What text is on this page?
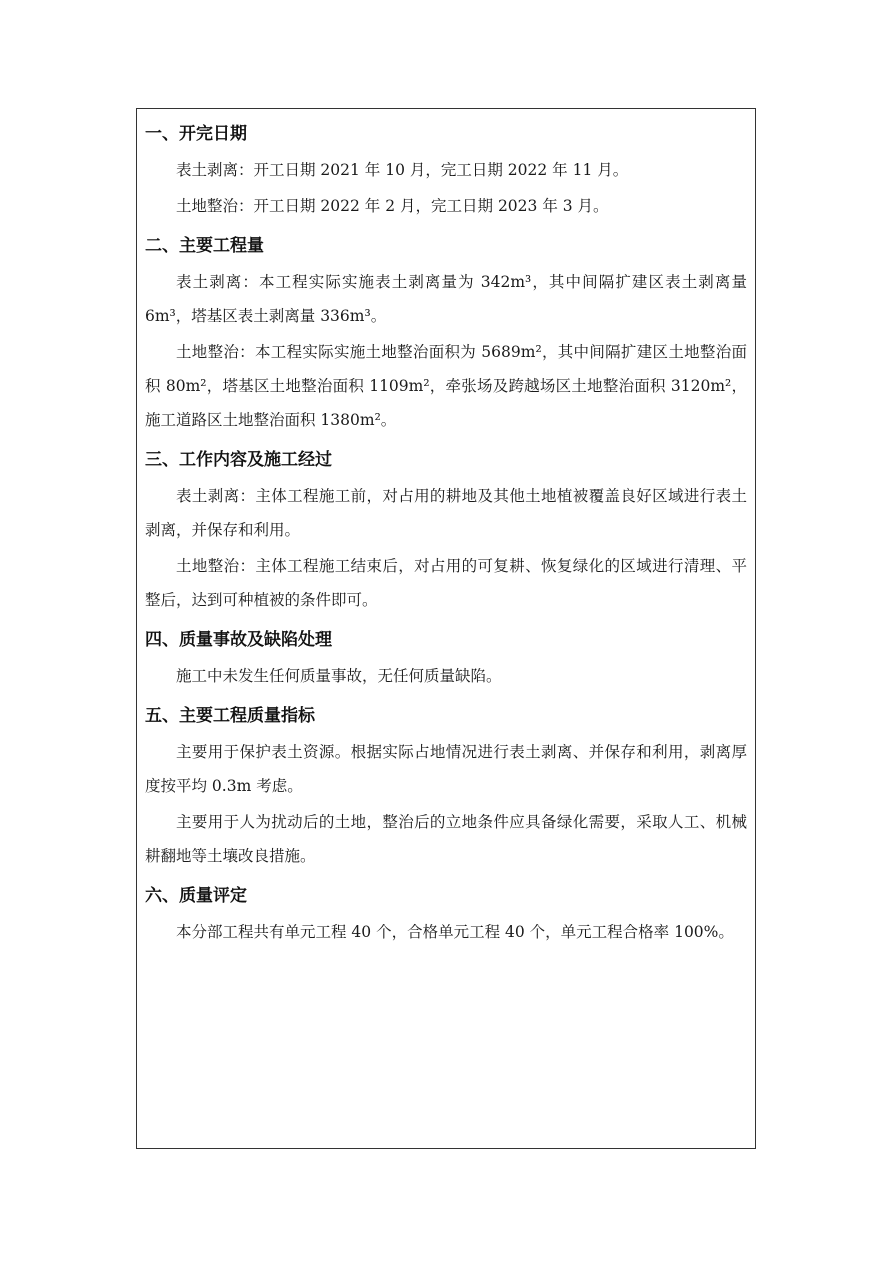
一、开完日期

表土剥离：开工日期 2021 年 10 月，完工日期 2022 年 11 月。

土地整治：开工日期 2022 年 2 月，完工日期 2023 年 3 月。

二、主要工程量

表土剥离：本工程实际实施表土剥离量为 342m³，其中间隔扩建区表土剥离量 6m³，塔基区表土剥离量 336m³。

土地整治：本工程实际实施土地整治面积为 5689m²，其中间隔扩建区土地整治面积 80m²，塔基区土地整治面积 1109m²，牵张场及跨越场区土地整治面积 3120m²，施工道路区土地整治面积 1380m²。

三、工作内容及施工经过

表土剥离：主体工程施工前，对占用的耕地及其他土地植被覆盖良好区域进行表土剥离，并保存和利用。

土地整治：主体工程施工结束后，对占用的可复耕、恢复绿化的区域进行清理、平整后，达到可种植被的条件即可。

四、质量事故及缺陷处理

施工中未发生任何质量事故，无任何质量缺陷。

五、主要工程质量指标

主要用于保护表土资源。根据实际占地情况进行表土剥离、并保存和利用，剥离厚度按平均 0.3m 考虑。

主要用于人为扰动后的土地，整治后的立地条件应具备绿化需要，采取人工、机械耕翻地等土壤改良措施。

六、质量评定

本分部工程共有单元工程 40 个，合格单元工程 40 个，单元工程合格率 100%。
